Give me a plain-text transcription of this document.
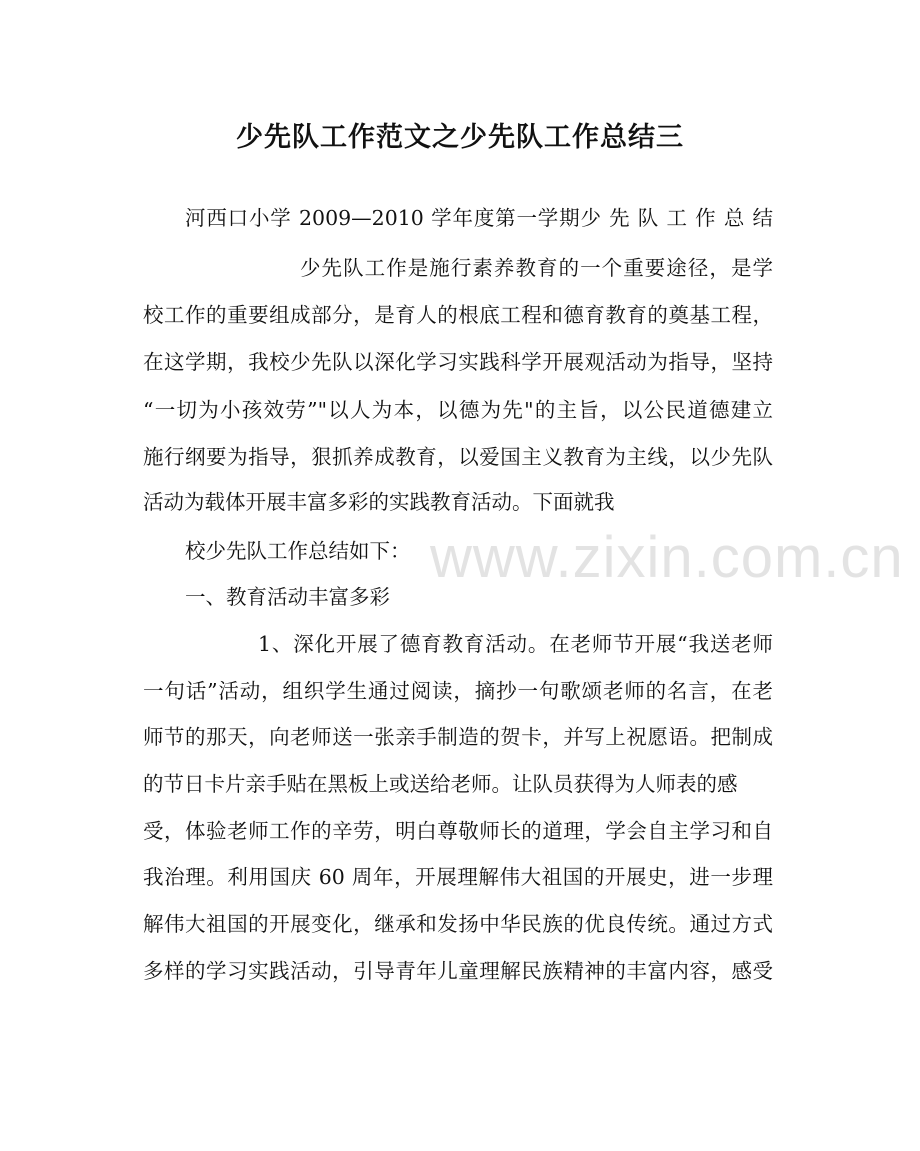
www.zixin.com.cn
少先队工作范文之少先队工作总结三

河西口小学 2009—2010 学年度第一学期少 先 队 工 作 总 结

少先队工作是施行素养教育的一个重要途径，是学

校工作的重要组成部分，是育人的根底工程和德育教育的奠基工程，

在这学期，我校少先队以深化学习实践科学开展观活动为指导，坚持

“一切为小孩效劳”"以人为本，以德为先"的主旨，以公民道德建立

施行纲要为指导，狠抓养成教育，以爱国主义教育为主线，以少先队

活动为载体开展丰富多彩的实践教育活动。下面就我

校少先队工作总结如下：

一、教育活动丰富多彩

1、深化开展了德育教育活动。在老师节开展“我送老师

一句话”活动，组织学生通过阅读，摘抄一句歌颂老师的名言，在老

师节的那天，向老师送一张亲手制造的贺卡，并写上祝愿语。把制成

的节日卡片亲手贴在黑板上或送给老师。让队员获得为人师表的感

受，体验老师工作的辛劳，明白尊敬师长的道理，学会自主学习和自

我治理。利用国庆 60 周年，开展理解伟大祖国的开展史，进一步理

解伟大祖国的开展变化，继承和发扬中华民族的优良传统。通过方式

多样的学习实践活动，引导青年儿童理解民族精神的丰富内容，感受
